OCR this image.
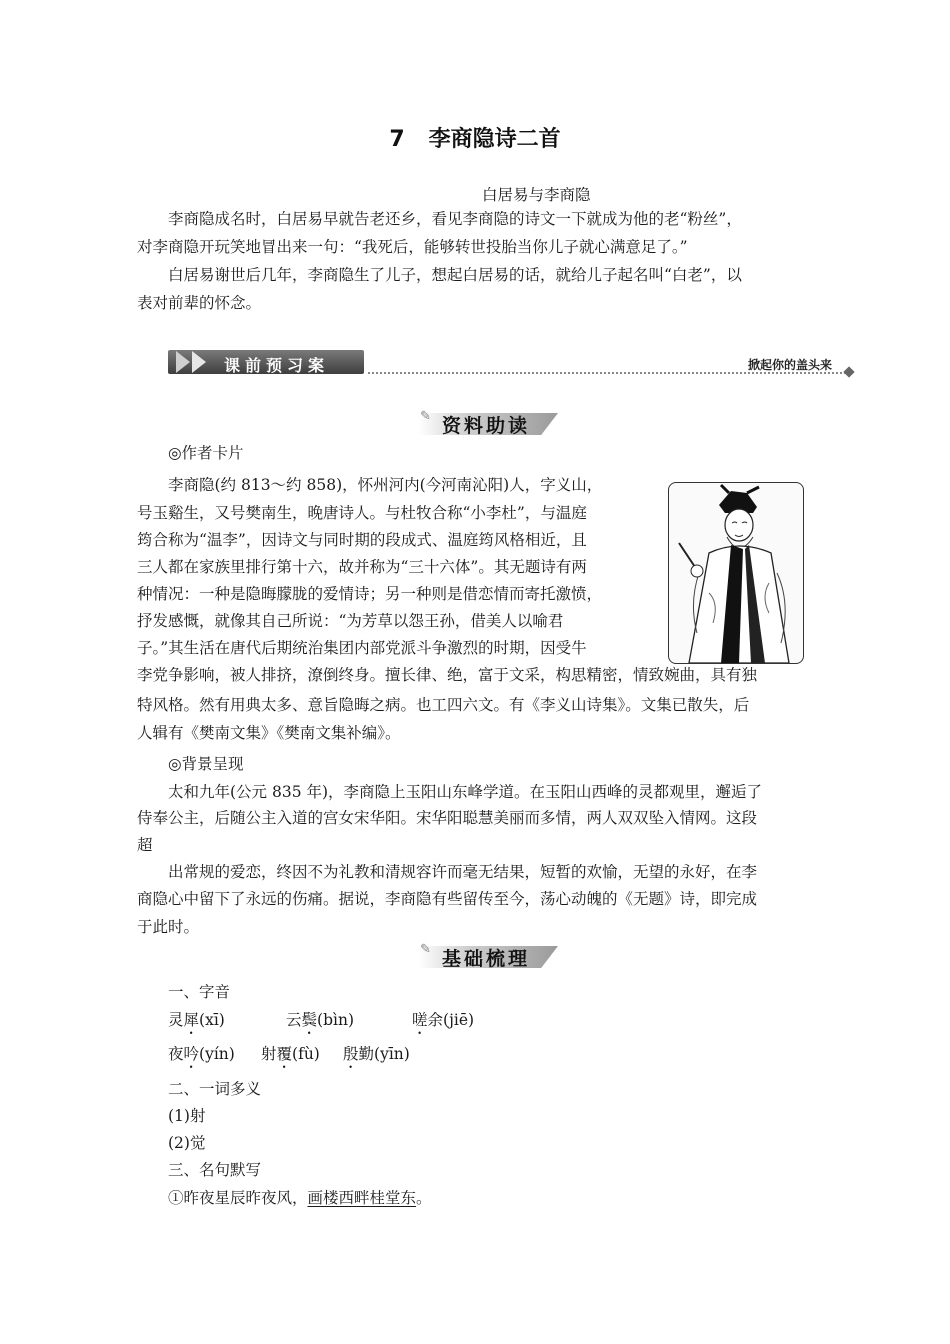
7 李商隐诗二首
白居易与李商隐
李商隐成名时，白居易早就告老还乡，看见李商隐的诗文一下就成为他的老“粉丝”，
对李商隐开玩笑地冒出来一句：“我死后，能够转世投胎当你儿子就心满意足了。”
白居易谢世后几年，李商隐生了儿子，想起白居易的话，就给儿子起名叫“白老”，以
表对前辈的怀念。
课前预习案	掀起你的盖头来
✎ 资料助读
◎作者卡片
李商隐(约 813～约 858)，怀州河内(今河南沁阳)人，字义山，
号玉谿生，又号樊南生，晚唐诗人。与杜牧合称“小李杜”，与温庭
筠合称为“温李”，因诗文与同时期的段成式、温庭筠风格相近，且
三人都在家族里排行第十六，故并称为“三十六体”。其无题诗有两
种情况：一种是隐晦朦胧的爱情诗；另一种则是借恋情而寄托激愤，
抒发感慨，就像其自己所说：“为芳草以怨王孙，借美人以喻君
子。”其生活在唐代后期统治集团内部党派斗争激烈的时期，因受牛
李党争影响，被人排挤，潦倒终身。擅长律、绝，富于文采，构思精密，情致婉曲，具有独
特风格。然有用典太多、意旨隐晦之病。也工四六文。有《李义山诗集》。文集已散失，后
人辑有《樊南文集》《樊南文集补编》。
◎背景呈现
太和九年(公元 835 年)，李商隐上玉阳山东峰学道。在玉阳山西峰的灵都观里，邂逅了
侍奉公主，后随公主入道的宫女宋华阳。宋华阳聪慧美丽而多情，两人双双坠入情网。这段
超
出常规的爱恋，终因不为礼教和清规容许而毫无结果，短暂的欢愉，无望的永好，在李
商隐心中留下了永远的伤痛。据说，李商隐有些留传至今，荡心动魄的《无题》诗，即完成
于此时。
✎ 基础梳理
一、字音
灵犀(xī)	云鬓(bìn)	嗟余(jiē)
夜吟(yín) 射覆(fù) 殷勤(yīn)
二、一词多义
(1)射
(2)觉
三、名句默写
①昨夜星辰昨夜风，画楼西畔桂堂东。
